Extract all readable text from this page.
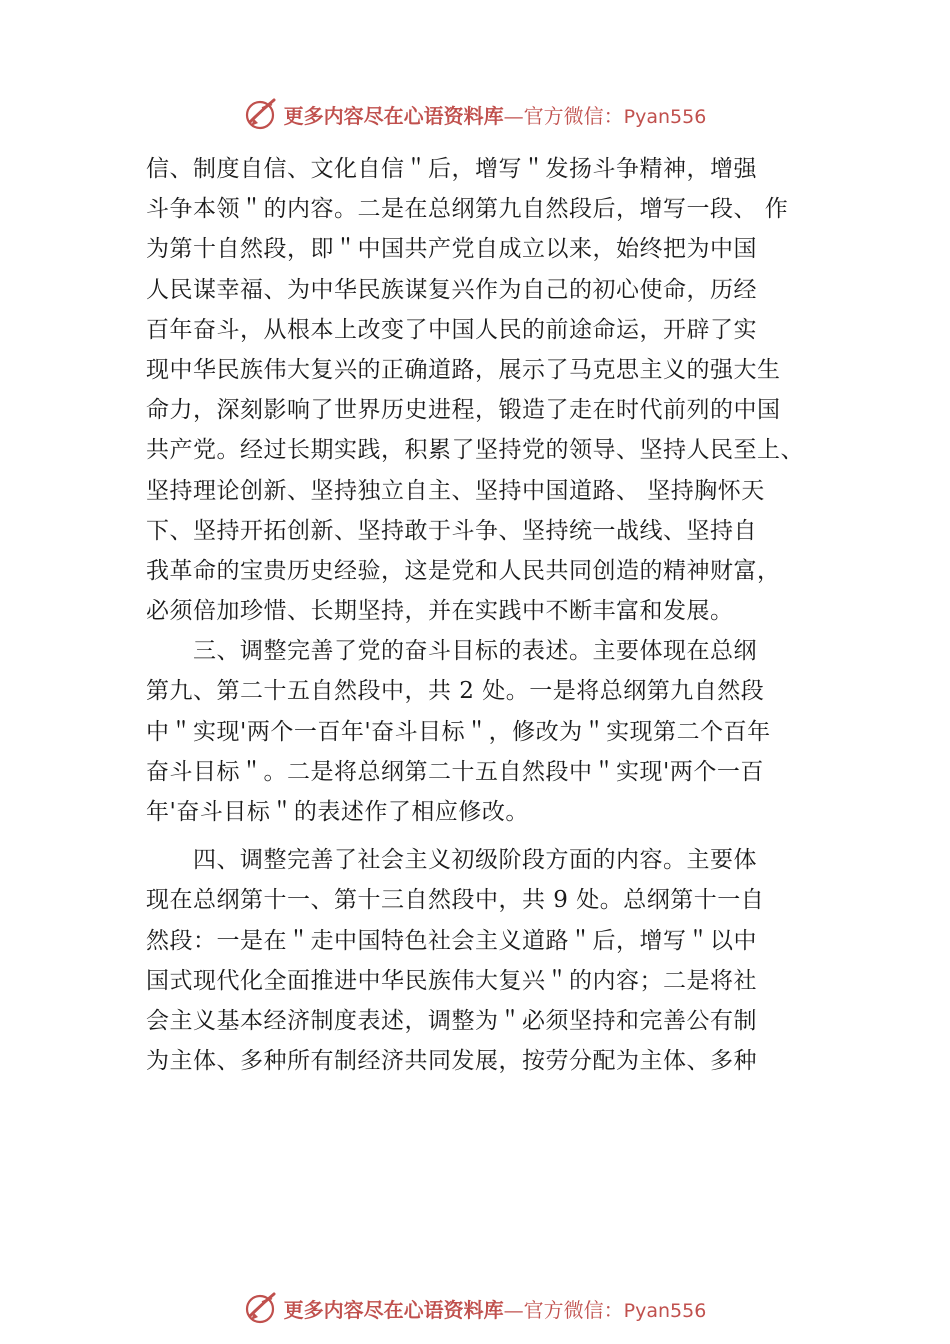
更多内容尽在心语资料库—官方微信：Pyan556
信、制度自信、文化自信＂后，增写＂发扬斗争精神，增强
斗争本领＂的内容。二是在总纲第九自然段后，增写一段、 作
为第十自然段，即＂中国共产党自成立以来，始终把为中国
人民谋幸福、为中华民族谋复兴作为自己的初心使命，历经
百年奋斗，从根本上改变了中国人民的前途命运，开辟了实
现中华民族伟大复兴的正确道路，展示了马克思主义的强大生
命力，深刻影响了世界历史进程，锻造了走在时代前列的中国
共产党。经过长期实践，积累了坚持党的领导、坚持人民至上、
坚持理论创新、坚持独立自主、坚持中国道路、 坚持胸怀天
下、坚持开拓创新、坚持敢于斗争、坚持统一战线、坚持自
我革命的宝贵历史经验，这是党和人民共同创造的精神财富，
必须倍加珍惜、长期坚持，并在实践中不断丰富和发展。
　　三、调整完善了党的奋斗目标的表述。主要体现在总纲
第九、第二十五自然段中，共 2 处。一是将总纲第九自然段
中＂实现'两个一百年'奋斗目标＂，修改为＂实现第二个百年
奋斗目标＂。二是将总纲第二十五自然段中＂实现'两个一百
年'奋斗目标＂的表述作了相应修改。
　　四、调整完善了社会主义初级阶段方面的内容。主要体
现在总纲第十一、第十三自然段中，共 9 处。总纲第十一自
然段：一是在＂走中国特色社会主义道路＂后，增写＂以中
国式现代化全面推进中华民族伟大复兴＂的内容；二是将社
会主义基本经济制度表述，调整为＂必须坚持和完善公有制
为主体、多种所有制经济共同发展，按劳分配为主体、多种
更多内容尽在心语资料库—官方微信：Pyan556
